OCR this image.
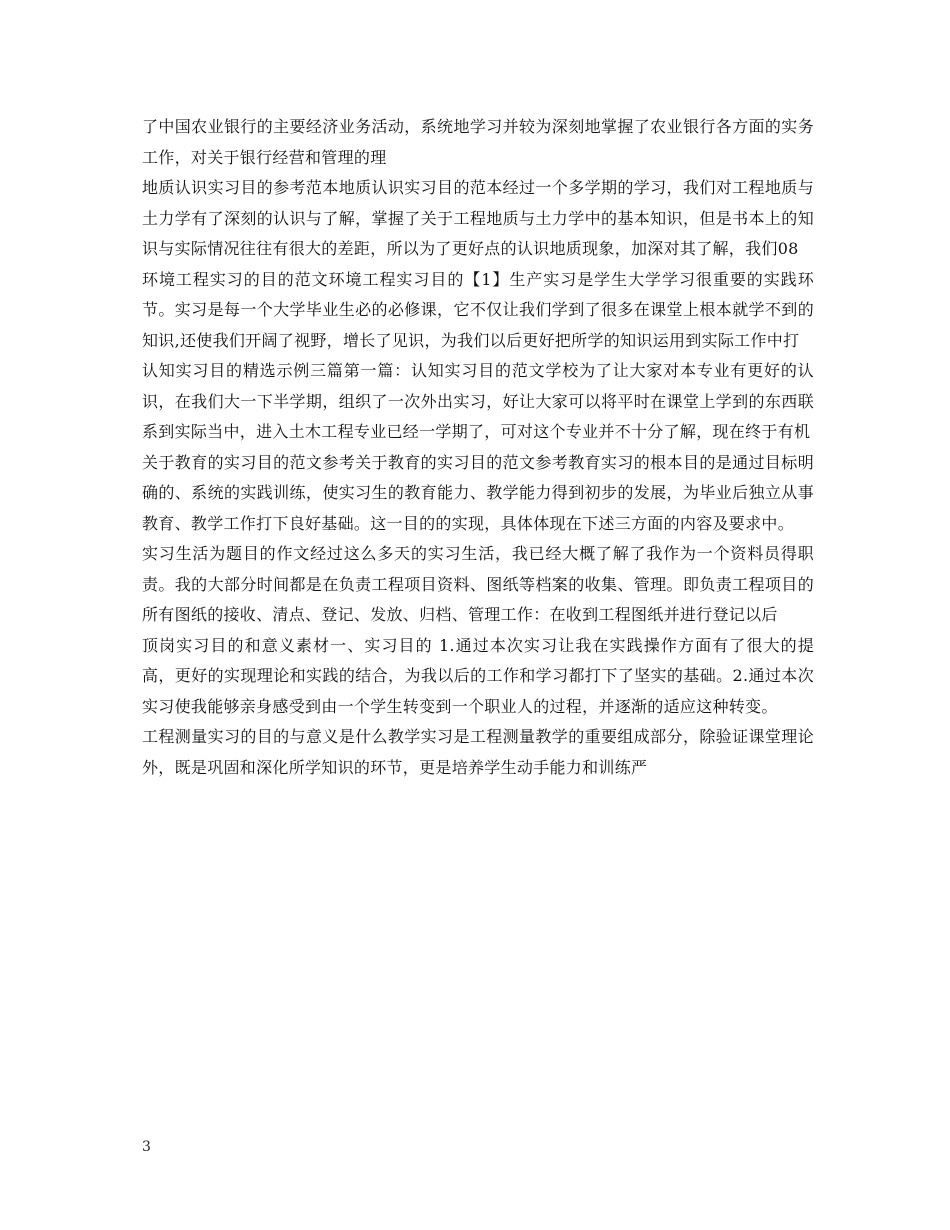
了中国农业银行的主要经济业务活动，系统地学习并较为深刻地掌握了农业银行各方面的实务工作，对关于银行经营和管理的理

地质认识实习目的参考范本地质认识实习目的范本经过一个多学期的学习，我们对工程地质与土力学有了深刻的认识与了解，掌握了关于工程地质与土力学中的基本知识，但是书本上的知识与实际情况往往有很大的差距，所以为了更好点的认识地质现象，加深对其了解，我们08

环境工程实习的目的范文环境工程实习目的【1】生产实习是学生大学学习很重要的实践环节。实习是每一个大学毕业生必的必修课，它不仅让我们学到了很多在课堂上根本就学不到的知识,还使我们开阔了视野，增长了见识，为我们以后更好把所学的知识运用到实际工作中打

认知实习目的精选示例三篇第一篇：认知实习目的范文学校为了让大家对本专业有更好的认识，在我们大一下半学期，组织了一次外出实习，好让大家可以将平时在课堂上学到的东西联系到实际当中，进入土木工程专业已经一学期了，可对这个专业并不十分了解，现在终于有机

关于教育的实习目的范文参考关于教育的实习目的范文参考教育实习的根本目的是通过目标明确的、系统的实践训练，使实习生的教育能力、教学能力得到初步的发展，为毕业后独立从事教育、教学工作打下良好基础。这一目的的实现，具体体现在下述三方面的内容及要求中。

实习生活为题目的作文经过这么多天的实习生活，我已经大概了解了我作为一个资料员得职责。我的大部分时间都是在负责工程项目资料、图纸等档案的收集、管理。即负责工程项目的所有图纸的接收、清点、登记、发放、归档、管理工作：在收到工程图纸并进行登记以后

顶岗实习目的和意义素材一、实习目的 1.通过本次实习让我在实践操作方面有了很大的提高，更好的实现理论和实践的结合，为我以后的工作和学习都打下了坚实的基础。2.通过本次实习使我能够亲身感受到由一个学生转变到一个职业人的过程，并逐渐的适应这种转变。

工程测量实习的目的与意义是什么教学实习是工程测量教学的重要组成部分，除验证课堂理论外，既是巩固和深化所学知识的环节，更是培养学生动手能力和训练严

3
